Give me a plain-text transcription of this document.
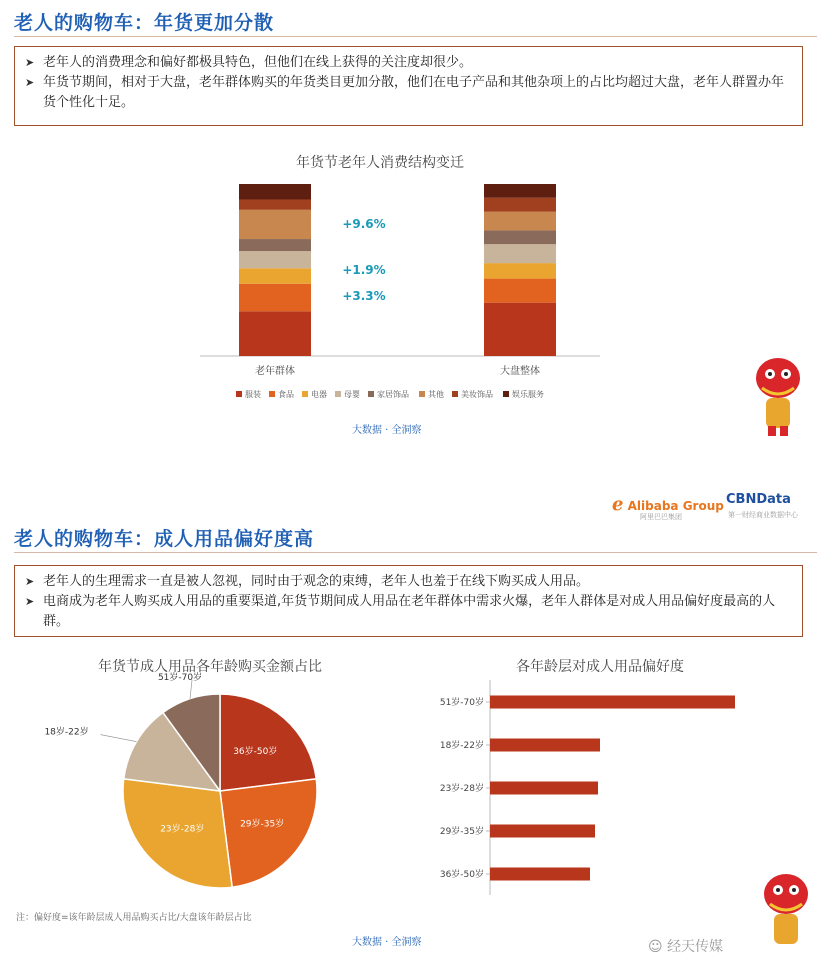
老人的购物车：年货更加分散
➤ 老年人的消费理念和偏好都极具特色，但他们在线上获得的关注度却很少。
➤ 年货节期间，相对于大盘，老年群体购买的年货类目更加分散，他们在电子产品和其他杂项上的占比均超过大盘，老年人群置办年货个性化十足。
年货节老年人消费结构变迁
老年群体	大盘整体
+9.6%
+1.9%
+3.3%
服装 食品 电器 母婴 家居饰品 其他 美妆饰品 娱乐服务
大数据 · 全洞察
ℯ Alibaba Group
阿里巴巴集团
CBNData
第一财经商业数据中心
老人的购物车：成人用品偏好度高
➤ 老年人的生理需求一直是被人忽视，同时由于观念的束缚，老年人也羞于在线下购买成人用品。
➤ 电商成为老年人购买成人用品的重要渠道,年货节期间成人用品在老年群体中需求火爆，老年人群体是对成人用品偏好度最高的人群。
年货节成人用品各年龄购买金额占比
36岁-50岁
29岁-35岁
23岁-28岁
18岁-22岁
51岁-70岁
各年龄层对成人用品偏好度
51岁-70岁
18岁-22岁
23岁-28岁
29岁-35岁
36岁-50岁
注：偏好度=该年龄层成人用品购买占比/大盘该年龄层占比
大数据 · 全洞察	☺ 经天传媒
